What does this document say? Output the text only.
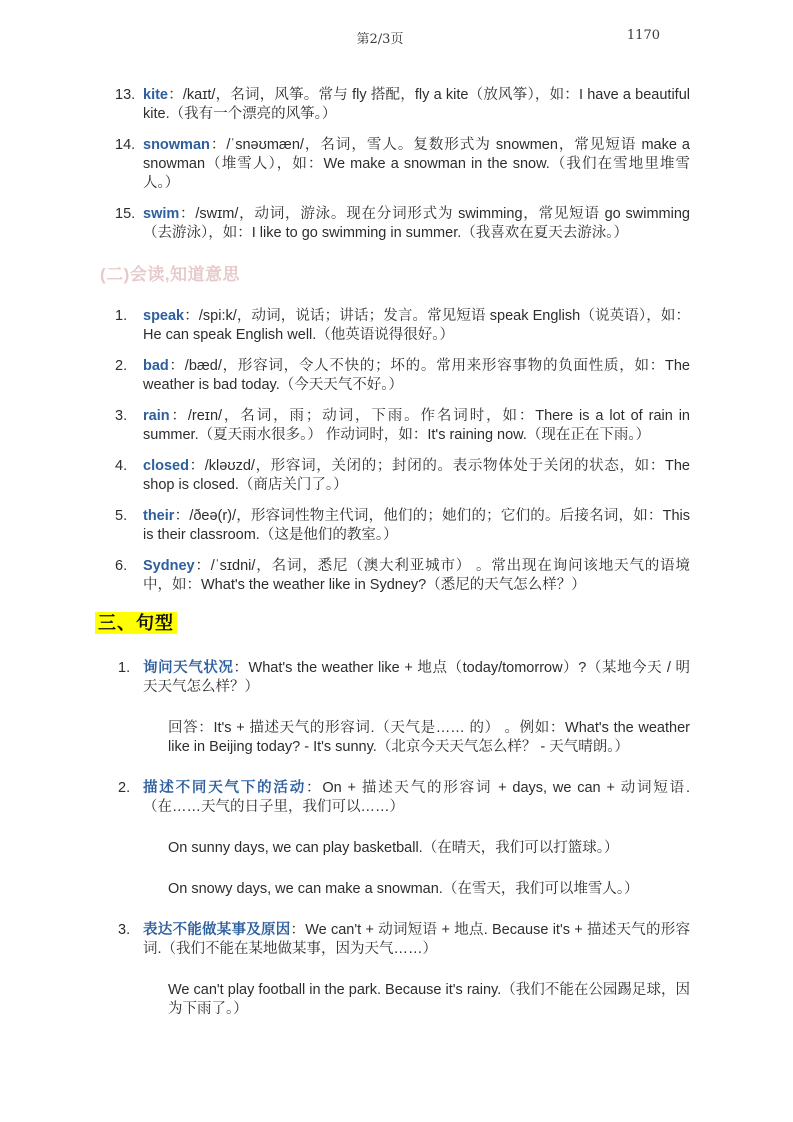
第2/3页	1170
13. kite：/kaɪt/，名词，风筝。常与 fly 搭配，fly a kite（放风筝），如：I have a beautiful kite.（我有一个漂亮的风筝。）

14. snowman：/ˈsnəʊmæn/，名词，雪人。复数形式为 snowmen，常见短语 make a snowman（堆雪人），如：We make a snowman in the snow.（我们在雪地里堆雪人。）

15. swim：/swɪm/，动词，游泳。现在分词形式为 swimming，常见短语 go swimming（去游泳），如：I like to go swimming in summer.（我喜欢在夏天去游泳。）

(二)会读,知道意思
1.	speak：/spi:k/，动词，说话；讲话；发言。常见短语 speak English（说英语），如：He can speak English well.（他英语说得很好。）

2.	bad：/bæd/，形容词，令人不快的；坏的。常用来形容事物的负面性质，如：The weather is bad today.（今天天气不好。）

3.	rain：/reɪn/，名词，雨；动词，下雨。作名词时，如：There is a lot of rain in summer.（夏天雨水很多。） 作动词时，如：It's raining now.（现在正在下雨。）

4.	closed：/kləʊzd/，形容词，关闭的；封闭的。表示物体处于关闭的状态，如：The shop is closed.（商店关门了。）

5.	their：/ðeə(r)/，形容词性物主代词，他们的；她们的；它们的。后接名词，如：This is their classroom.（这是他们的教室。）

6.	Sydney：/ˈsɪdni/，名词，悉尼（澳大利亚城市） 。常出现在询问该地天气的语境中，如：What's the weather like in Sydney?（悉尼的天气怎么样？）

三、句型
1. 询问天气状况：What's the weather like + 地点（today/tomorrow）?（某地今天 / 明天天气怎么样？）

回答：It's + 描述天气的形容词.（天气是…… 的） 。例如：What's the weather like in Beijing today? - It's sunny.（北京今天天气怎么样？ - 天气晴朗。）

2. 描述不同天气下的活动：On + 描述天气的形容词 + days, we can + 动词短语.（在……天气的日子里，我们可以……）

On sunny days, we can play basketball.（在晴天，我们可以打篮球。）

On snowy days, we can make a snowman.（在雪天，我们可以堆雪人。）

3. 表达不能做某事及原因：We can't + 动词短语 + 地点. Because it's + 描述天气的形容词.（我们不能在某地做某事，因为天气……）

We can't play football in the park. Because it's rainy.（我们不能在公园踢足球，因为下雨了。）
